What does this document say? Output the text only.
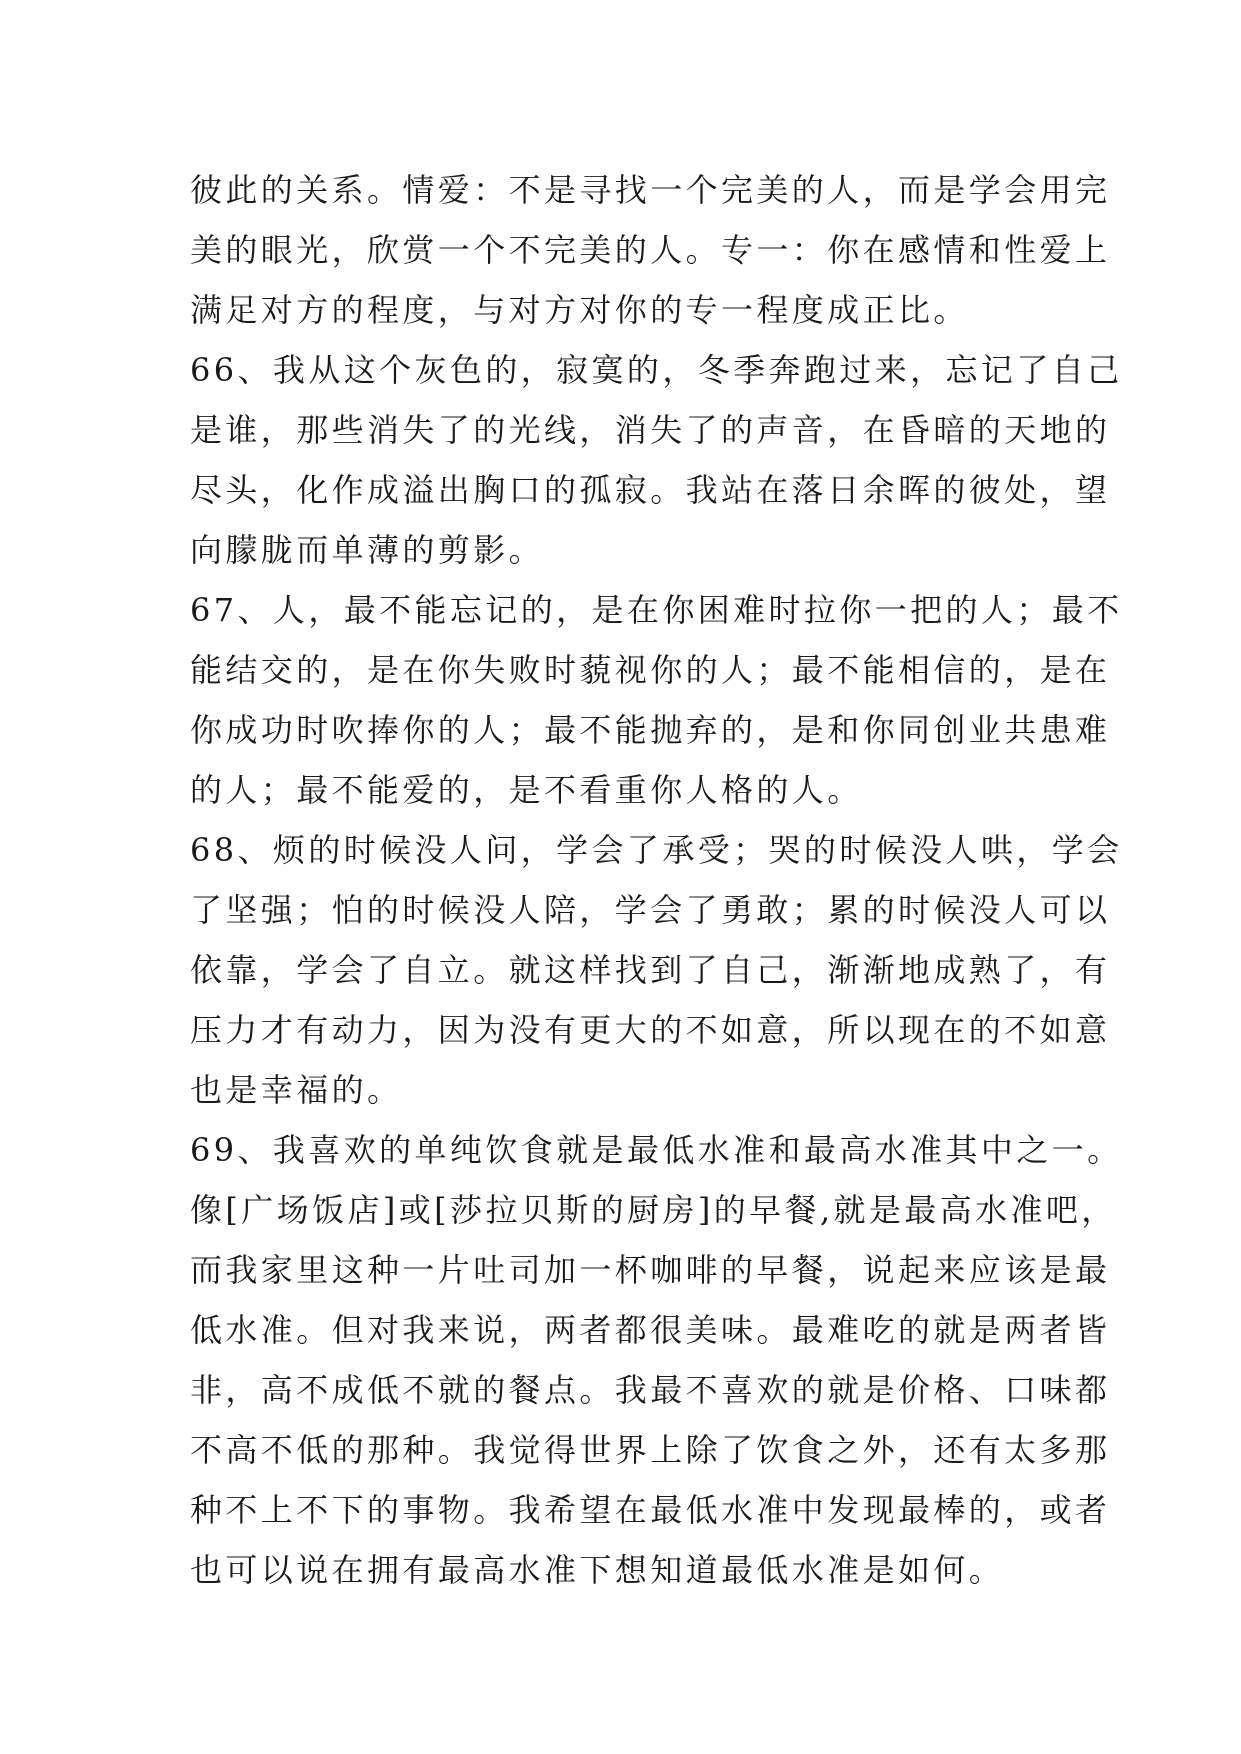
彼此的关系。情爱：不是寻找一个完美的人，而是学会用完
美的眼光，欣赏一个不完美的人。专一：你在感情和性爱上
满足对方的程度，与对方对你的专一程度成正比。
66、我从这个灰色的，寂寞的，冬季奔跑过来，忘记了自己
是谁，那些消失了的光线，消失了的声音，在昏暗的天地的
尽头，化作成溢出胸口的孤寂。我站在落日余晖的彼处，望
向朦胧而单薄的剪影。
67、人，最不能忘记的，是在你困难时拉你一把的人；最不
能结交的，是在你失败时藐视你的人；最不能相信的，是在
你成功时吹捧你的人；最不能抛弃的，是和你同创业共患难
的人；最不能爱的，是不看重你人格的人。
68、烦的时候没人问，学会了承受；哭的时候没人哄，学会
了坚强；怕的时候没人陪，学会了勇敢；累的时候没人可以
依靠，学会了自立。就这样找到了自己，渐渐地成熟了，有
压力才有动力，因为没有更大的不如意，所以现在的不如意
也是幸福的。
69、我喜欢的单纯饮食就是最低水准和最高水准其中之一。
像[广场饭店]或[莎拉贝斯的厨房]的早餐,就是最高水准吧，
而我家里这种一片吐司加一杯咖啡的早餐，说起来应该是最
低水准。但对我来说，两者都很美味。最难吃的就是两者皆
非，高不成低不就的餐点。我最不喜欢的就是价格、口味都
不高不低的那种。我觉得世界上除了饮食之外，还有太多那
种不上不下的事物。我希望在最低水准中发现最棒的，或者
也可以说在拥有最高水准下想知道最低水准是如何。
